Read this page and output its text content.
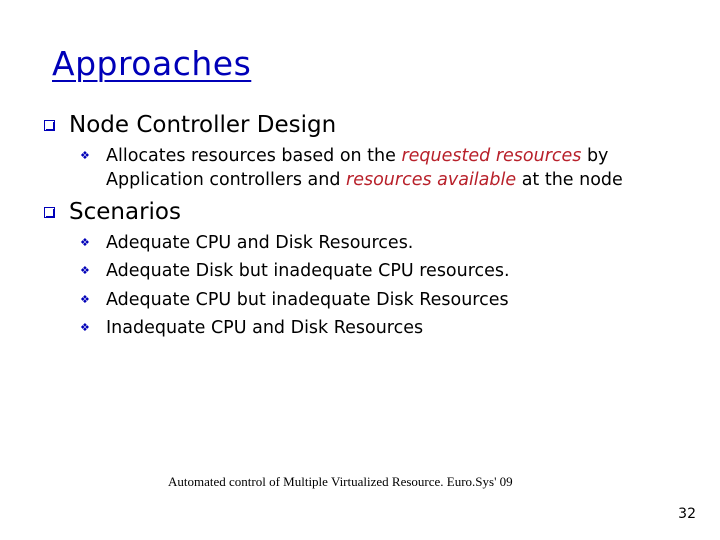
Approaches
Node Controller Design
❖ Allocates resources based on the requested resources by
Application controllers and resources available at the node
Scenarios
❖ Adequate CPU and Disk Resources.
❖ Adequate Disk but inadequate CPU resources.
❖ Adequate CPU but inadequate Disk Resources
❖ Inadequate CPU and Disk Resources
Automated control of Multiple Virtualized Resource. Euro.Sys' 09
32
